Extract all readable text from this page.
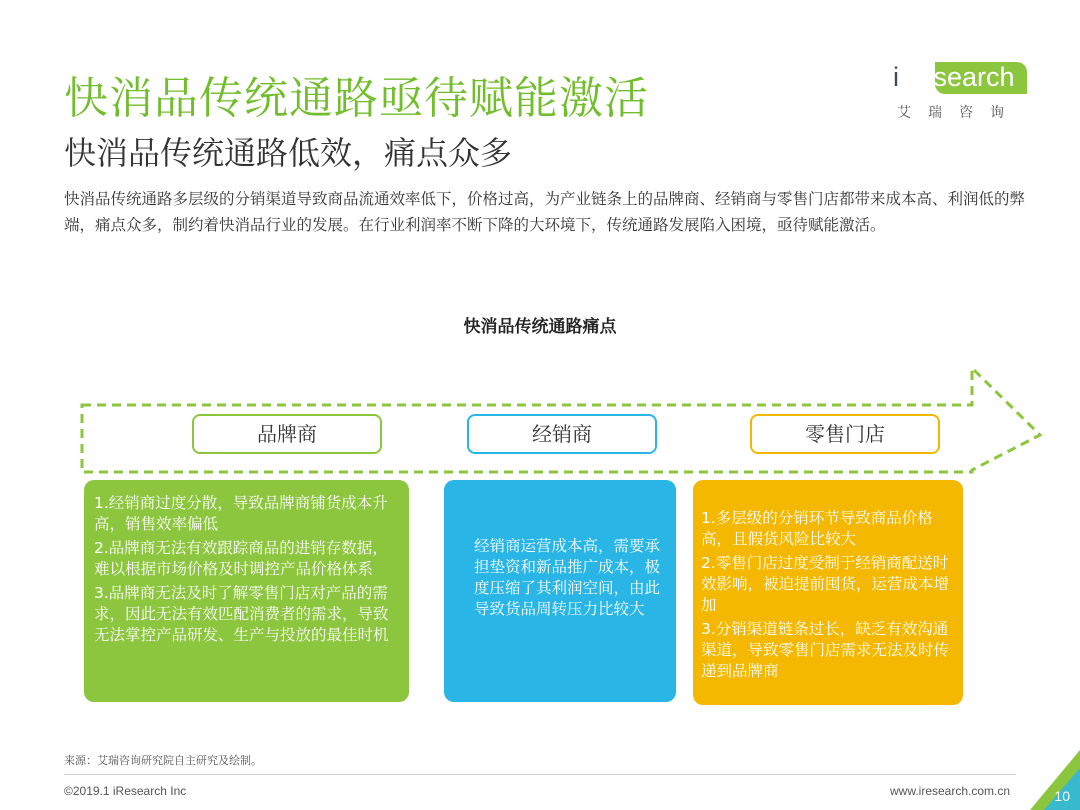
快消品传统通路亟待赋能激活
快消品传统通路低效，痛点众多
iResearch
艾瑞咨询
快消品传统通路多层级的分销渠道导致商品流通效率低下，价格过高，为产业链条上的品牌商、经销商与零售门店都带来成本高、利润低的弊端，痛点众多，制约着快消品行业的发展。在行业利润率不断下降的大环境下，传统通路发展陷入困境，亟待赋能激活。
快消品传统通路痛点
品牌商	经销商	零售门店

1.经销商过度分散，导致品牌商铺货成本升高，销售效率偏低

2.品牌商无法有效跟踪商品的进销存数据，难以根据市场价格及时调控产品价格体系

3.品牌商无法及时了解零售门店对产品的需求，因此无法有效匹配消费者的需求，导致无法掌控产品研发、生产与投放的最佳时机

经销商运营成本高，需要承担垫资和新品推广成本，极度压缩了其利润空间，由此导致货品周转压力比较大

1.多层级的分销环节导致商品价格高，且假货风险比较大

2.零售门店过度受制于经销商配送时效影响，被迫提前囤货，运营成本增加

3.分销渠道链条过长，缺乏有效沟通渠道，导致零售门店需求无法及时传递到品牌商

来源：艾瑞咨询研究院自主研究及绘制。
©2019.1 iResearch Inc	www.iresearch.com.cn	10
